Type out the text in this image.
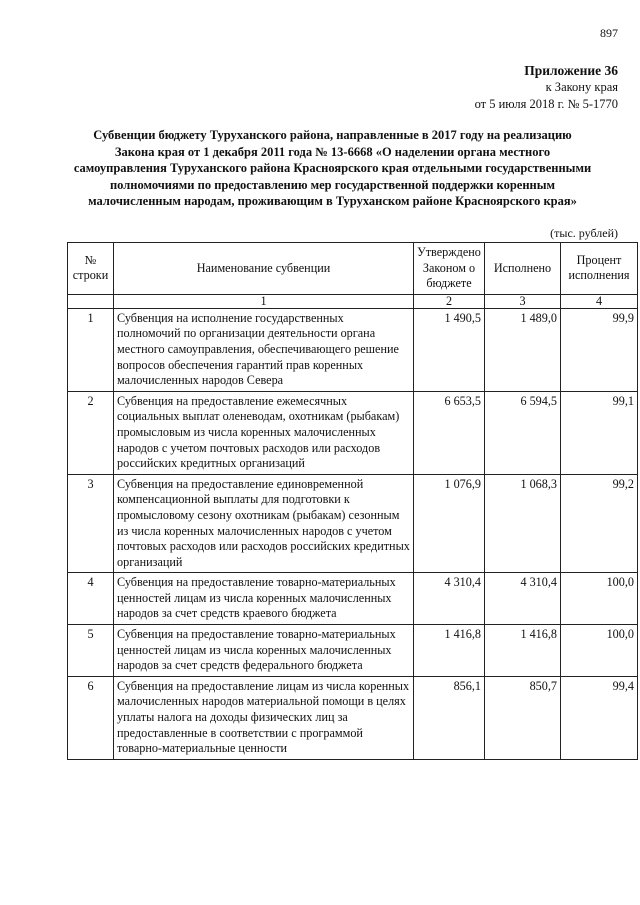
897
Приложение 36
к Закону края
от 5 июля 2018 г. № 5-1770
Субвенции бюджету Туруханского района, направленные в 2017 году на реализацию
Закона края от 1 декабря 2011 года № 13-6668 «О наделении органа местного
самоуправления Туруханского района Красноярского края отдельными государственными
полномочиями по предоставлению мер государственной поддержки коренным
малочисленным народам, проживающим в Туруханском районе Красноярского края»
(тыс. рублей)
№ строки	Наименование субвенции	Утверждено Законом о бюджете	Исполнено	Процент исполнения
	1	2	3	4
1	Субвенция на исполнение государственных полномочий по организации деятельности органа местного самоуправления, обеспечивающего решение вопросов обеспечения гарантий прав коренных малочисленных народов Севера	1 490,5	1 489,0	99,9
2	Субвенция на предоставление ежемесячных социальных выплат оленеводам, охотникам (рыбакам) промысловым из числа коренных малочисленных народов с учетом почтовых расходов или расходов российских кредитных организаций	6 653,5	6 594,5	99,1
3	Субвенция на предоставление единовременной компенсационной выплаты для подготовки к промысловому сезону охотникам (рыбакам) сезонным из числа коренных малочисленных народов с учетом почтовых расходов или расходов российских кредитных организаций	1 076,9	1 068,3	99,2
4	Субвенция на предоставление товарно-материальных ценностей лицам из числа коренных малочисленных народов за счет средств краевого бюджета	4 310,4	4 310,4	100,0
5	Субвенция на предоставление товарно-материальных ценностей лицам из числа коренных малочисленных народов за счет средств федерального бюджета	1 416,8	1 416,8	100,0
6	Субвенция на предоставление лицам из числа коренных малочисленных народов материальной помощи в целях уплаты налога на доходы физических лиц за предоставленные в соответствии с программой товарно-материальные ценности	856,1	850,7	99,4
